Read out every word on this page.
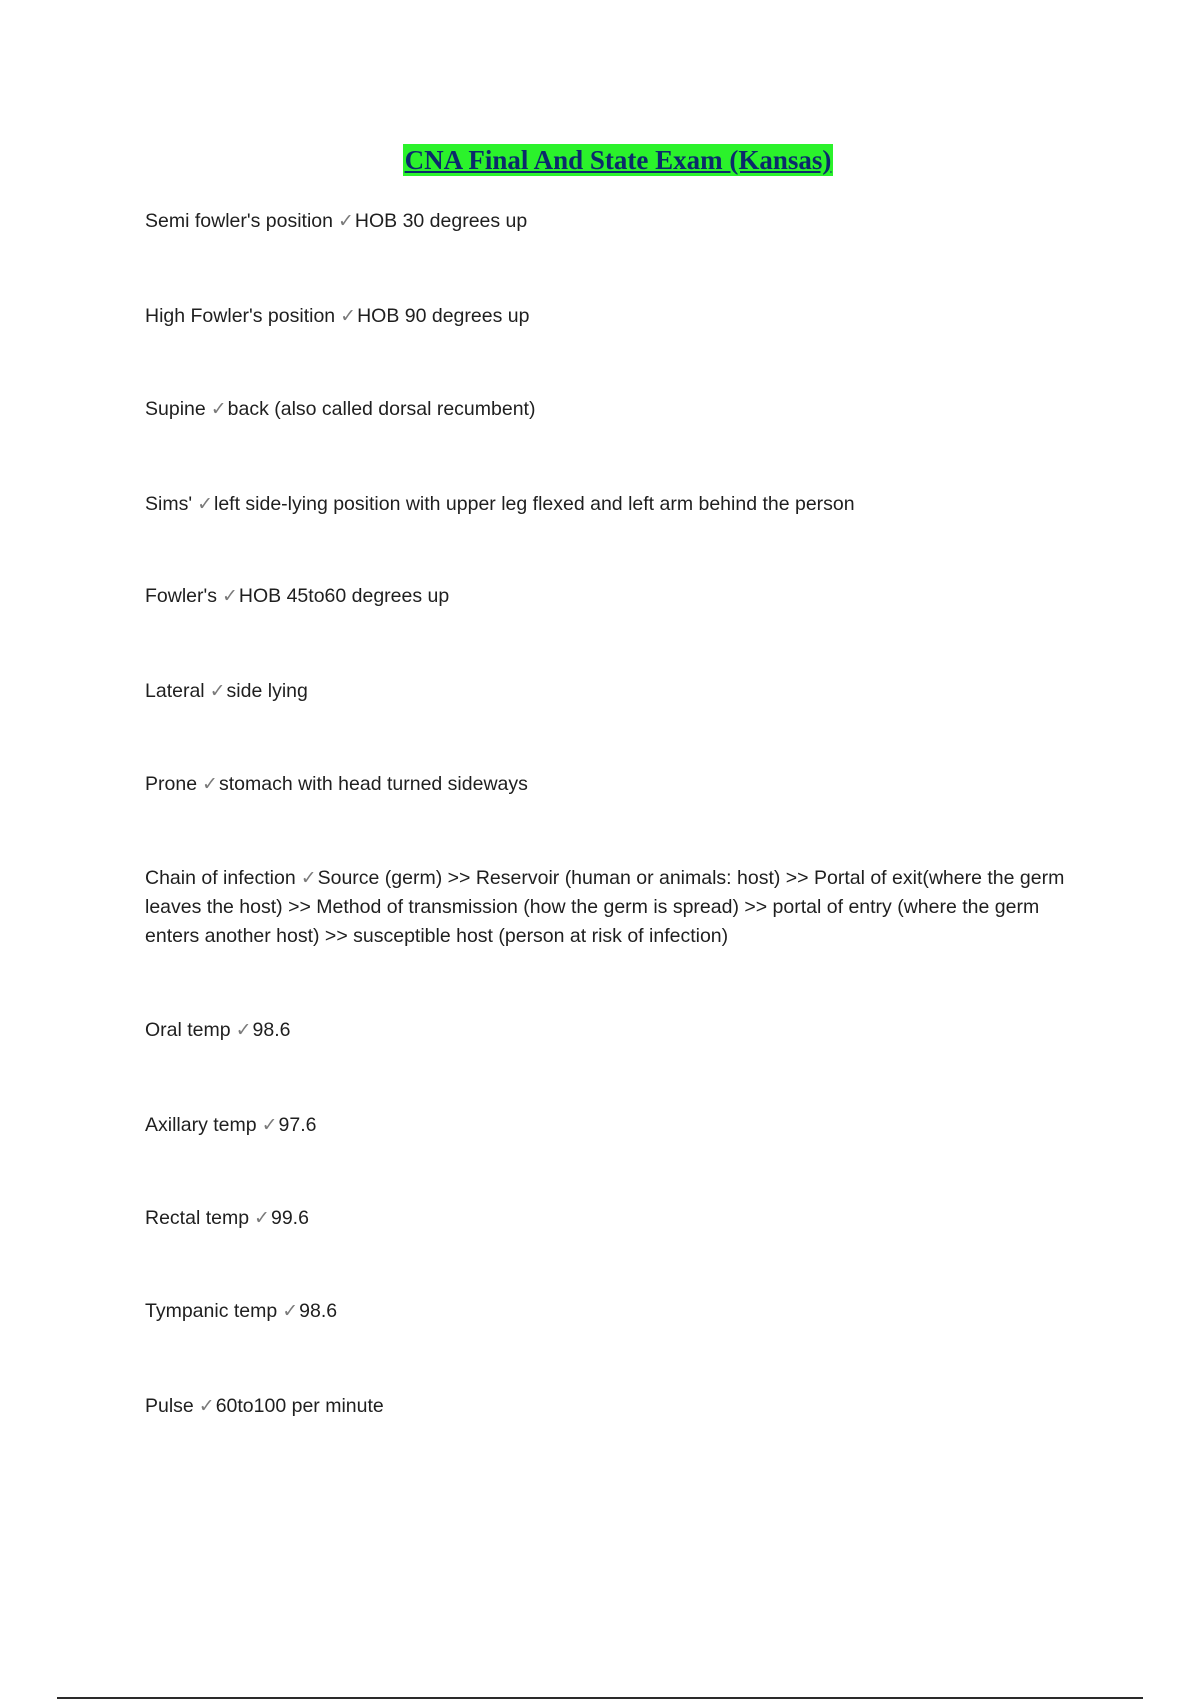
CNA Final And State Exam (Kansas)
Semi fowler's position ✓HOB 30 degrees up
High Fowler's position ✓HOB 90 degrees up
Supine ✓back (also called dorsal recumbent)
Sims' ✓left side-lying position with upper leg flexed and left arm behind the person
Fowler's ✓HOB 45to60 degrees up
Lateral ✓side lying
Prone ✓stomach with head turned sideways
Chain of infection ✓Source (germ) >> Reservoir (human or animals: host) >> Portal of exit(where the germ leaves the host) >> Method of transmission (how the germ is spread) >> portal of entry (where the germ enters another host) >> susceptible host (person at risk of infection)
Oral temp ✓98.6
Axillary temp ✓97.6
Rectal temp ✓99.6
Tympanic temp ✓98.6
Pulse ✓60to100 per minute
